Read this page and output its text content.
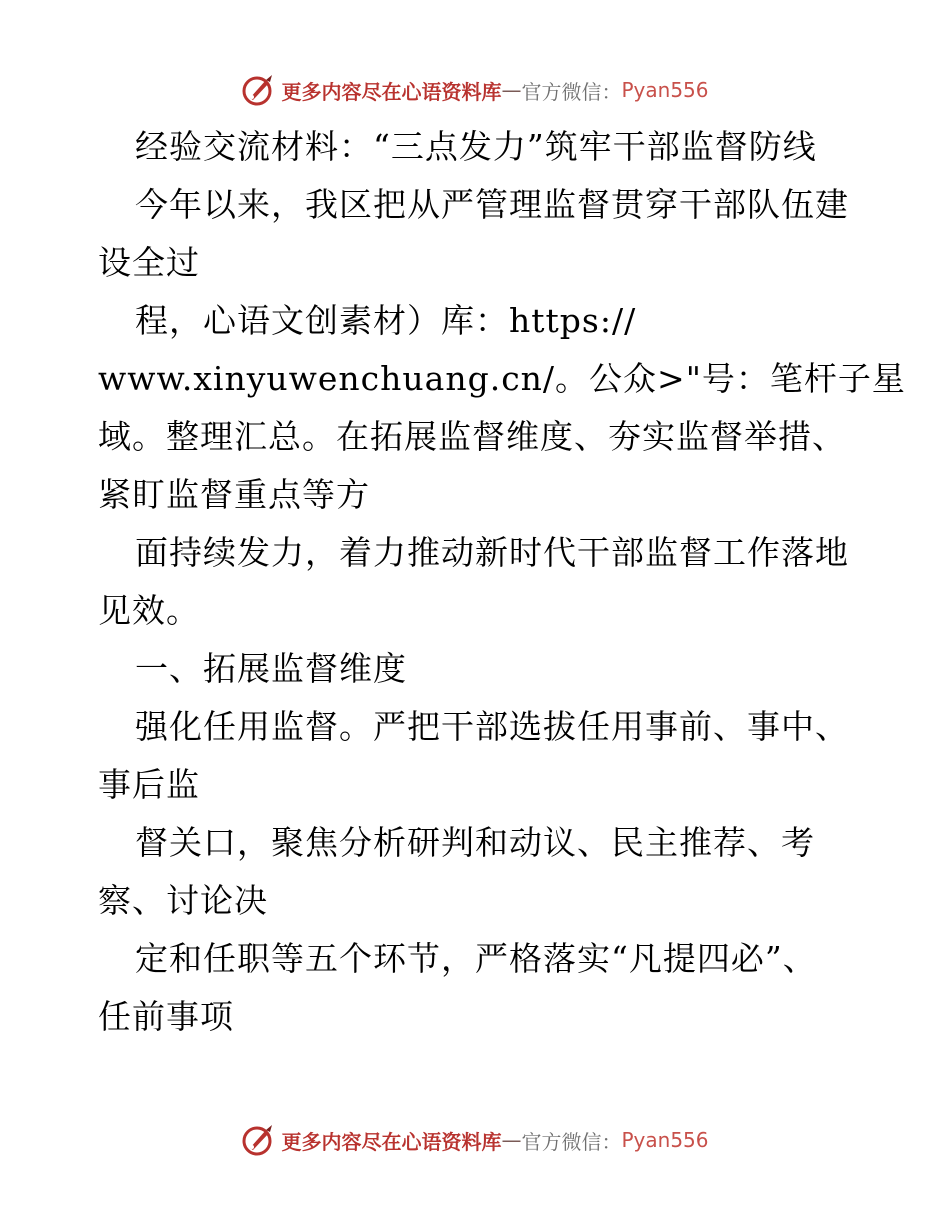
更多内容尽在心语资料库 — 官方微信： Pyan556
经验交流材料：“三点发力”筑牢干部监督防线
今年以来，我区把从严管理监督贯穿干部队伍建
设全过
程，心语文创素材）库：https://
www.xinyuwenchuang.cn/。公众>"号：笔杆子星
域。整理汇总。在拓展监督维度、夯实监督举措、
紧盯监督重点等方
面持续发力，着力推动新时代干部监督工作落地
见效。
一、拓展监督维度
强化任用监督。严把干部选拔任用事前、事中、
事后监
督关口，聚焦分析研判和动议、民主推荐、考
察、讨论决
定和任职等五个环节，严格落实“凡提四必”、
任前事项
更多内容尽在心语资料库 — 官方微信： Pyan556
